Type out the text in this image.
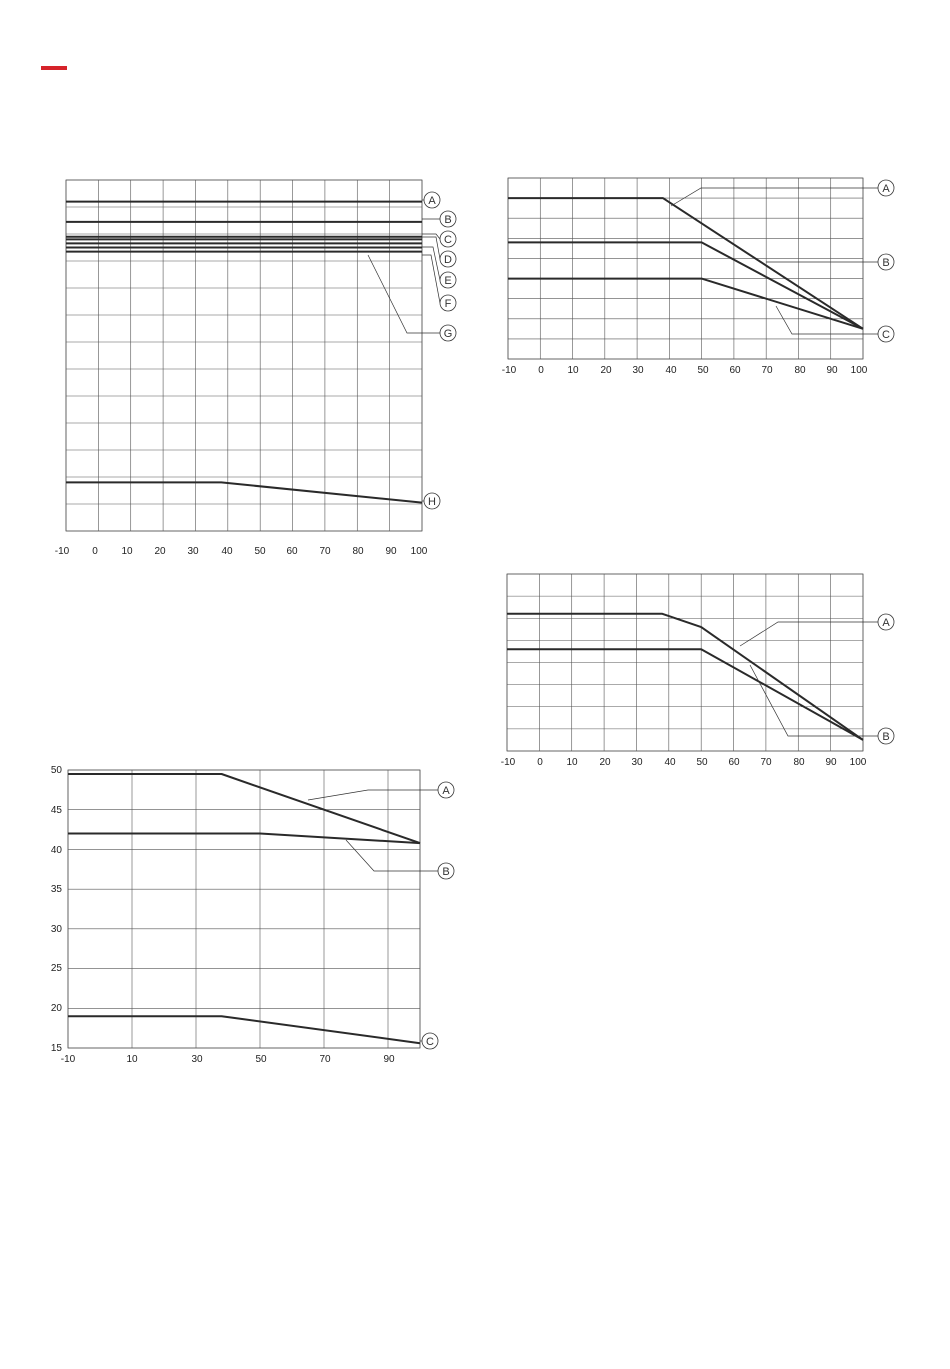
A
B
C
D
E
F
G
H
-10 0 10 20 30 40 50 60 70 80 90 100
A
B
C
-10 0 10 20 30 40 50 60 70 80 90 100
A
B
-10 0 10 20 30 40 50 60 70 80 90 100
A
B
C
15
20
25
30
35
40
45
50
-10	10	30	50	70	90
